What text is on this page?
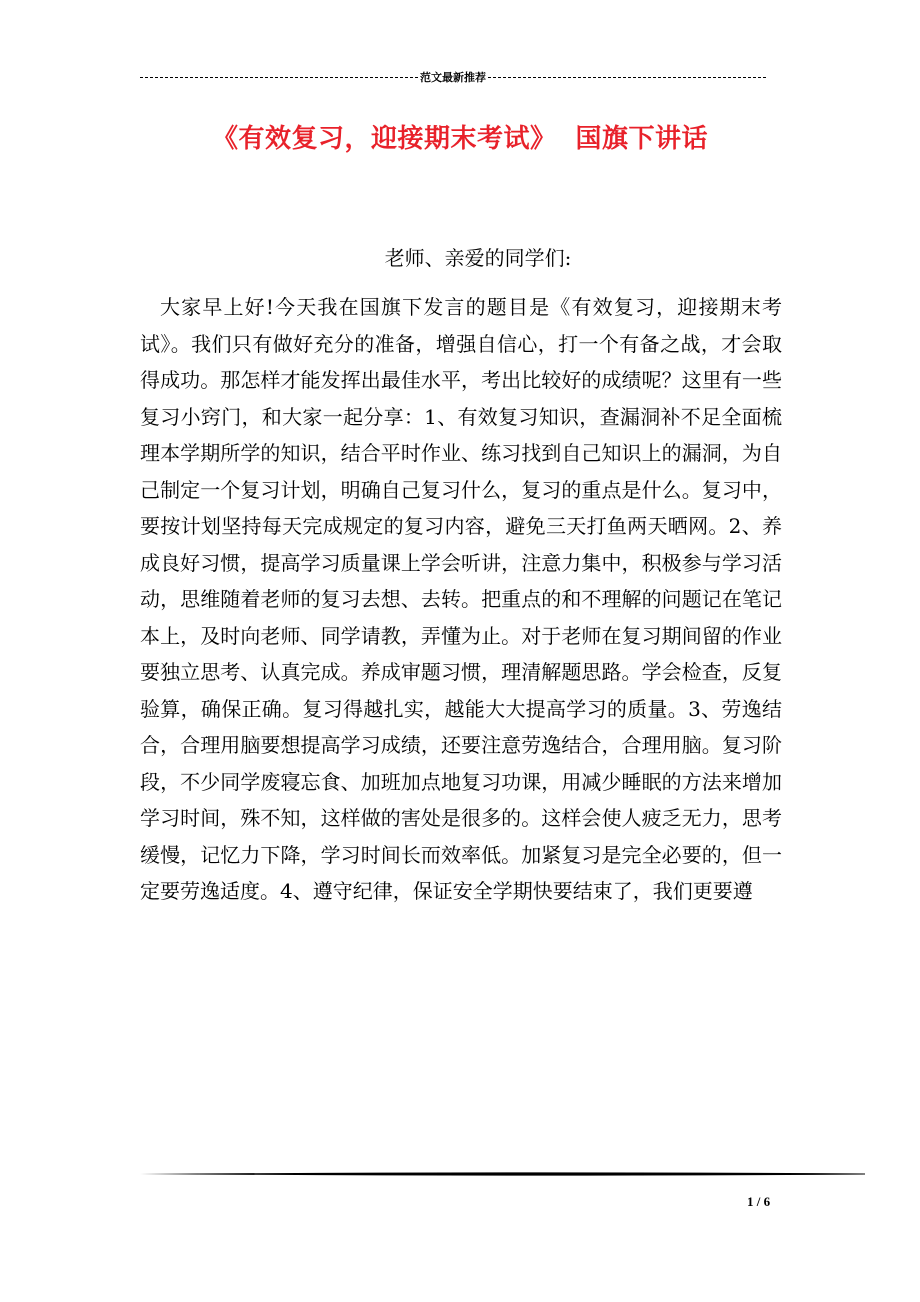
范文最新推荐
《有效复习，迎接期末考试》  国旗下讲话
老师、亲爱的同学们:

大家早上好!今天我在国旗下发言的题目是《有效复习，迎接期末考试》。我们只有做好充分的准备，增强自信心，打一个有备之战，才会取得成功。那怎样才能发挥出最佳水平，考出比较好的成绩呢？这里有一些复习小窍门，和大家一起分享：1、有效复习知识，查漏洞补不足全面梳理本学期所学的知识，结合平时作业、练习找到自己知识上的漏洞，为自己制定一个复习计划，明确自己复习什么，复习的重点是什么。复习中，要按计划坚持每天完成规定的复习内容，避免三天打鱼两天晒网。2、养成良好习惯，提高学习质量课上学会听讲，注意力集中，积极参与学习活动，思维随着老师的复习去想、去转。把重点的和不理解的问题记在笔记本上，及时向老师、同学请教，弄懂为止。对于老师在复习期间留的作业要独立思考、认真完成。养成审题习惯，理清解题思路。学会检查，反复验算，确保正确。复习得越扎实，越能大大提高学习的质量。3、劳逸结合，合理用脑要想提高学习成绩，还要注意劳逸结合，合理用脑。复习阶段，不少同学废寝忘食、加班加点地复习功课，用减少睡眠的方法来增加学习时间，殊不知，这样做的害处是很多的。这样会使人疲乏无力，思考缓慢，记忆力下降，学习时间长而效率低。加紧复习是完全必要的，但一定要劳逸适度。4、遵守纪律，保证安全学期快要结束了，我们更要遵

1 / 6
